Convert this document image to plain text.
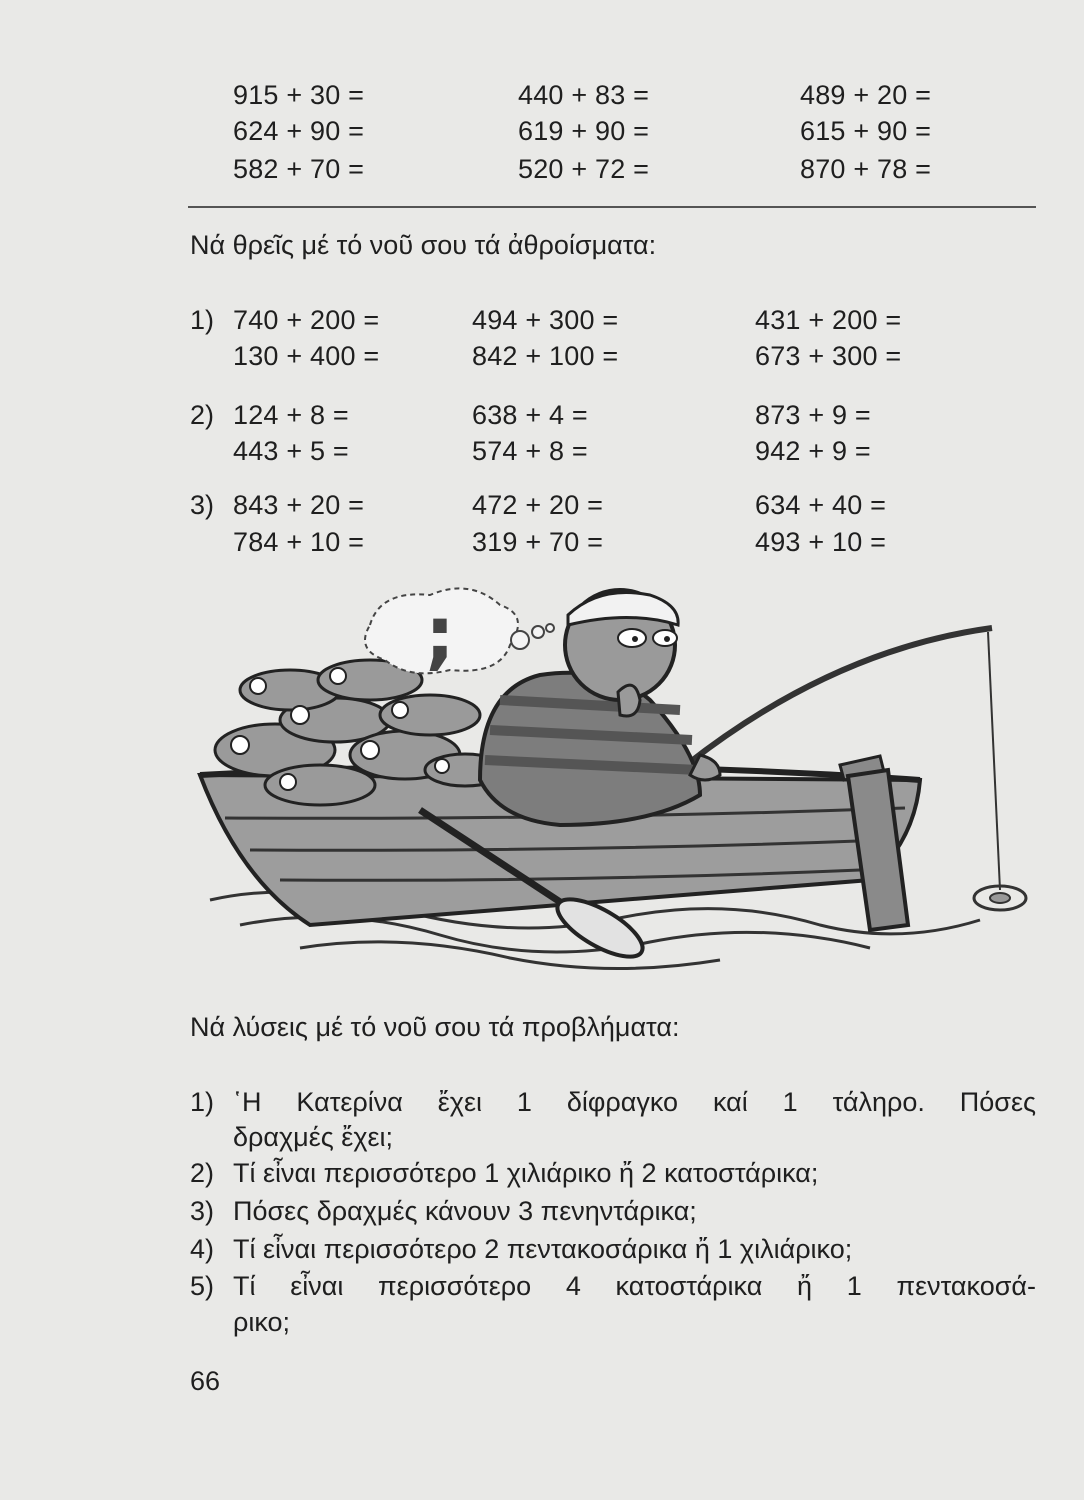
915 + 30 =	440 + 83 =	489 + 20 =
624 + 90 =	619 + 90 =	615 + 90 =
582 + 70 =	520 + 72 =	870 + 78 =
Νά θρεῖς μέ τό νοῦ σου τά ἀθροίσματα:
1) 740 + 200 =	494 + 300 =	431 + 200 =
130 + 400 =	842 + 100 =	673 + 300 =
2) 124 + 8 =	638 + 4 =	873 + 9 =
443 + 5 =	574 + 8 =	942 + 9 =
3) 843 + 20 =	472 + 20 =	634 + 40 =
784 + 10 =	319 + 70 =	493 + 10 =
;
Νά λύσεις μέ τό νοῦ σου τά προβλήματα:
1) ῾Η Κατερίνα ἔχει 1 δίφραγκο καί 1 τάληρο. Πόσες
δραχμές ἔχει;
2) Τί εἶναι περισσότερο 1 χιλιάρικο ἤ 2 κατοστάρικα;
3) Πόσες δραχμές κάνουν 3 πενηντάρικα;
4) Τί εἶναι περισσότερο 2 πεντακοσάρικα ἤ 1 χιλιάρικο;
5) Τί εἶναι περισσότερο 4 κατοστάρικα ἤ 1 πεντακοσά-
ρικο;
66
